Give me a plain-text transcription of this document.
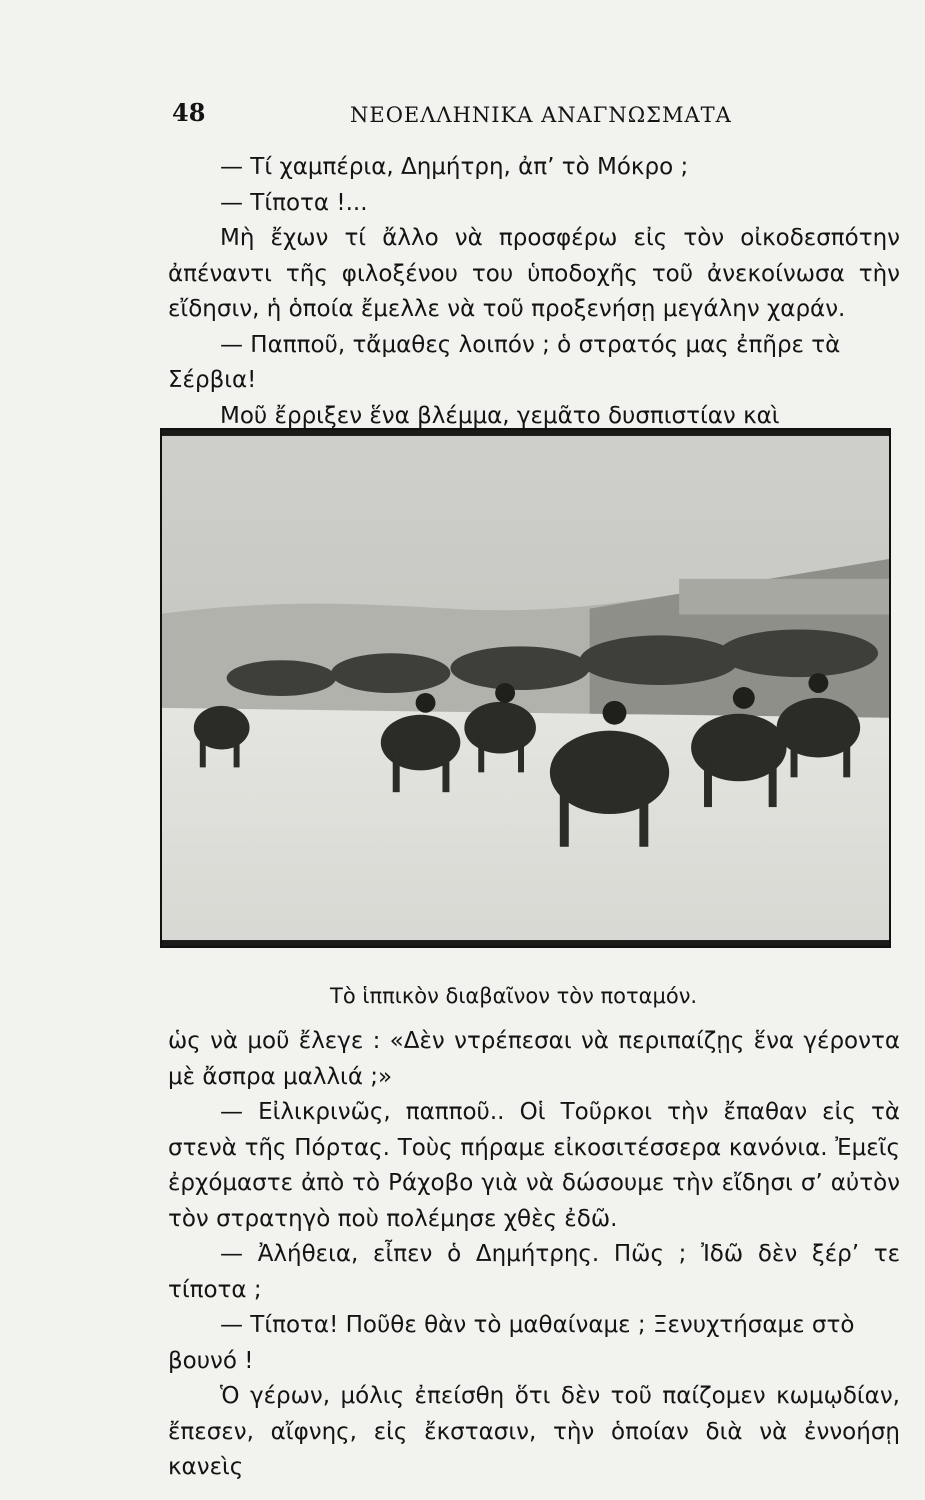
48	ΝΕΟΕΛΛΗΝΙΚΑ ΑΝΑΓΝΩΣΜΑΤΑ

— Τί χαμπέρια, Δημήτρη, ἀπ’ τὸ Μόκρο ;

— Τίποτα !...

Μὴ ἔχων τί ἄλλο νὰ προσφέρω εἰς τὸν οἰκοδεσπότην ἀπέναντι τῆς φιλοξένου του ὑποδοχῆς τοῦ ἀνεκοίνωσα τὴν εἴδησιν, ἡ ὁποία ἔμελλε νὰ τοῦ προξενήσῃ μεγάλην χαράν.

— Παπποῦ, τἄμαθες λοιπόν ; ὁ στρατός μας ἐπῆρε τὰ Σέρβια!

Μοῦ ἔρριξεν ἕνα βλέμμα, γεμᾶτο δυσπιστίαν καὶ

Τὸ ἱππικὸν διαβαῖνον τὸν ποταμόν.

ὡς νὰ μοῦ ἔλεγε : «Δὲν ντρέπεσαι νὰ περιπαίζῃς ἕνα γέροντα μὲ ἄσπρα μαλλιά ;»

— Εἰλικρινῶς, παπποῦ.. Οἱ Τοῦρκοι τὴν ἔπαθαν εἰς τὰ στενὰ τῆς Πόρτας. Τοὺς πήραμε εἰκοσιτέσσερα κανόνια. Ἐμεῖς ἐρχόμαστε ἀπὸ τὸ Ράχοβο γιὰ νὰ δώσουμε τὴν εἴδησι σ’ αὐτὸν τὸν στρατηγὸ ποὺ πολέμησε χθὲς ἐδῶ.

— Ἀλήθεια, εἶπεν ὁ Δημήτρης. Πῶς ; Ἰδῶ δὲν ξέρ’ τε τίποτα ;

— Τίποτα! Ποῦθε θὰν τὸ μαθαίναμε ; Ξενυχτήσαμε στὸ βουνό !

Ὁ γέρων, μόλις ἐπείσθη ὅτι δὲν τοῦ παίζομεν κωμῳδίαν, ἔπεσεν, αἴφνης, εἰς ἔκστασιν, τὴν ὁποίαν διὰ νὰ ἐννοήσῃ κανεὶς
